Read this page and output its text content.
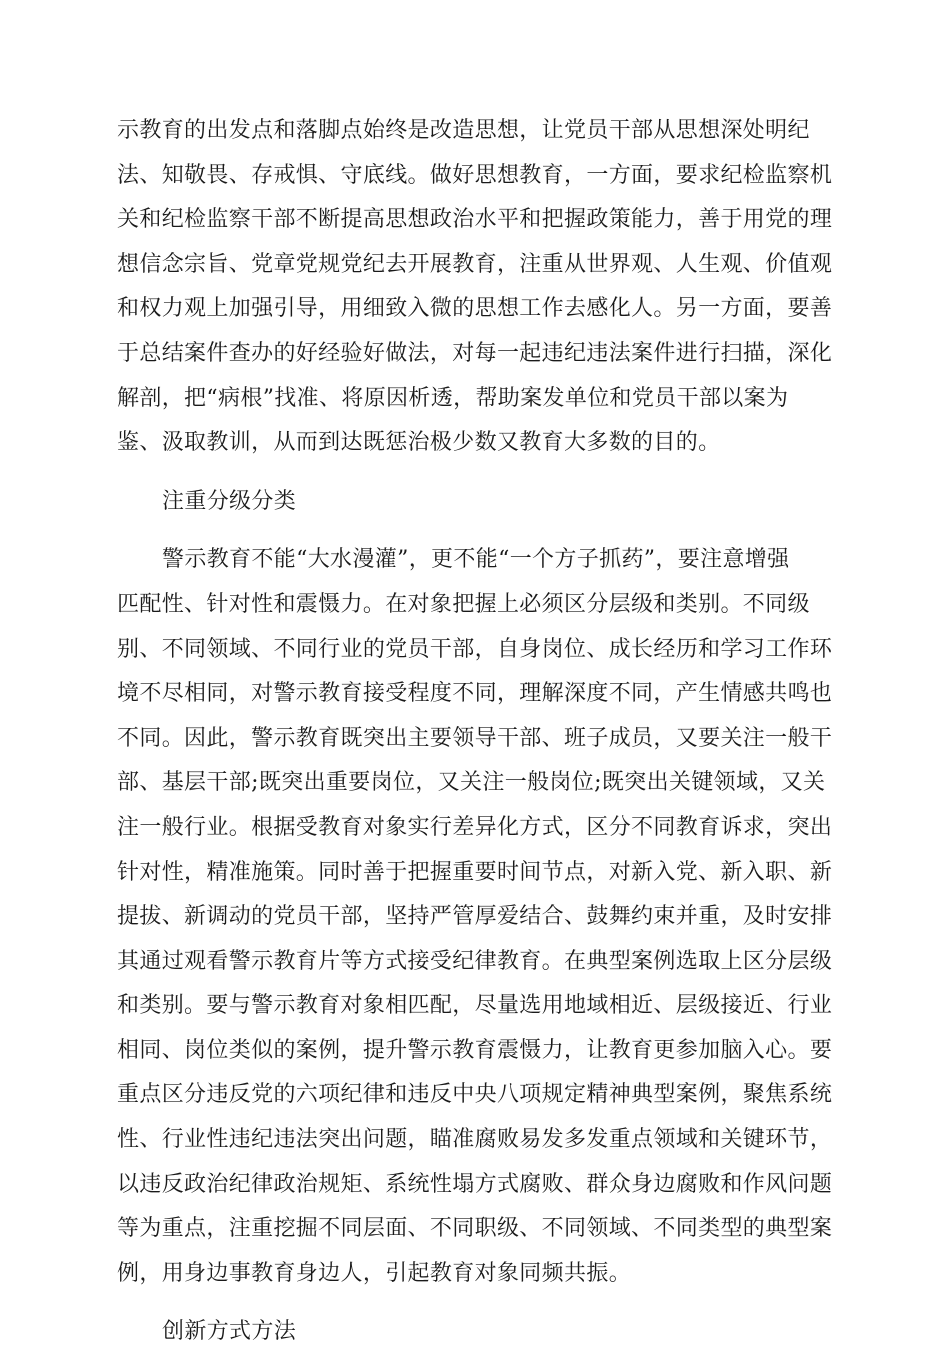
示教育的出发点和落脚点始终是改造思想，让党员干部从思想深处明纪
法、知敬畏、存戒惧、守底线。做好思想教育，一方面，要求纪检监察机
关和纪检监察干部不断提高思想政治水平和把握政策能力，善于用党的理
想信念宗旨、党章党规党纪去开展教育，注重从世界观、人生观、价值观
和权力观上加强引导，用细致入微的思想工作去感化人。另一方面，要善
于总结案件查办的好经验好做法，对每一起违纪违法案件进行扫描，深化
解剖，把“病根”找准、将原因析透，帮助案发单位和党员干部以案为
鉴、汲取教训，从而到达既惩治极少数又教育大多数的目的。
注重分级分类
警示教育不能“大水漫灌”，更不能“一个方子抓药”，要注意增强
匹配性、针对性和震慑力。在对象把握上必须区分层级和类别。不同级
别、不同领域、不同行业的党员干部，自身岗位、成长经历和学习工作环
境不尽相同，对警示教育接受程度不同，理解深度不同，产生情感共鸣也
不同。因此，警示教育既突出主要领导干部、班子成员，又要关注一般干
部、基层干部;既突出重要岗位，又关注一般岗位;既突出关键领域，又关
注一般行业。根据受教育对象实行差异化方式，区分不同教育诉求，突出
针对性，精准施策。同时善于把握重要时间节点，对新入党、新入职、新
提拔、新调动的党员干部，坚持严管厚爱结合、鼓舞约束并重，及时安排
其通过观看警示教育片等方式接受纪律教育。在典型案例选取上区分层级
和类别。要与警示教育对象相匹配，尽量选用地域相近、层级接近、行业
相同、岗位类似的案例，提升警示教育震慑力，让教育更参加脑入心。要
重点区分违反党的六项纪律和违反中央八项规定精神典型案例，聚焦系统
性、行业性违纪违法突出问题，瞄准腐败易发多发重点领域和关键环节，
以违反政治纪律政治规矩、系统性塌方式腐败、群众身边腐败和作风问题
等为重点，注重挖掘不同层面、不同职级、不同领域、不同类型的典型案
例，用身边事教育身边人，引起教育对象同频共振。
创新方式方法
